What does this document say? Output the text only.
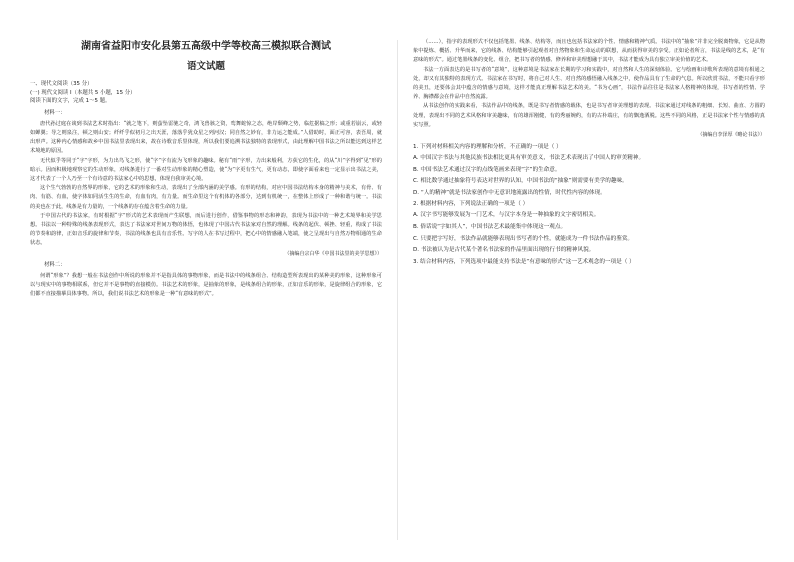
湖南省益阳市安化县第五高级中学等校高三模拟联合测试
语文试题
一、现代文阅读（35 分）
(一) 现代文阅读 I（本题共 5 小题，15 分）
阅读下面的文字，完成 1～5 题。
材料一：

唐代孙过庭在谈到书法艺术时指出：“就之笔下，则萤坠雷驰之奇，鸿飞兽骇之资，鸾舞蛇惊之态，绝岸颓峰之势，临危据槁之形；或重若崩云，或轻如蝉翼；导之则泉注，顿之则山安；纤纤乎似初月之出天涯，落落乎犹众星之列河汉；同自然之妙有，非力运之能成。”人借助时，面正可容，表吾周，就出形声。这种内心情感和故乡中国书法里表现出来，故在诗歌音乐里体现，所以我们要追溯书法独特的表现形式，由此理解中国书法之所以能达到这样艺术境地的原因。

无代似乎等同于“字”字形，为力出鸟飞之形，使“字”字有流为飞形象的趣味。秘有“雨”字形，力出来般利，方获它的生化，的从“川”字得到“见”形的暗示。因而积极地观察它的生动形象，对线条进行了一番对生动形象的精心塑造，使“为”字更有生气，更有动态，即使字面看来也一定显示出书法之美，这才代表了一个人乃至一个有诗意的书法家心中的思想，体现自我审美心境。

这个生气勃勃的自然界的形象，它的艺术的形象和生动，表现出了全部内涵的美学感。有形的结构，对应中国书法结构本身的精神与美术，有骨、有肉、有筋、有血，使字体如同活生生的生命，有血有肉，有力量。而生命里这个有机体的各部分，达到有机统一，在整体上形成了一种和谐与统一。书法的美也在于此，线条是有力量的，一个线条的存在蕴含着生命的力量。

于中国古代的书法家，有时根据“字”形式的艺术表现而产生联想，而后进行创作，借鉴事物的形态和神韵，表现为书法中的一种艺术境界和美学思想。书法以一种特殊的线条表现形式，表达了书法家对世间万物的体悟，也体现了中国古代书法家对自然的理解。线条的起伏、顿挫、轻重，构成了书法的节奏和韵律，正如音乐的旋律和节奏，书法的线条也具有音乐性。写字的人在书写过程中，把心中的情感融入笔端，使之呈现出与自然万物相通的生命状态。

（摘编自宗白华《中国书法里的美学思想》）
材料二：

何谓“形象”？我想一般在书法创作中所说的形象并不是指具体的事物形象，而是书法中的线条组合、结构造型所表现出的某种美的形象，这种形象可以与现实中的事物相联系，但它并不是事物的直接模仿。书法艺术的形象，是抽象的形象，是线条组合的形象，正如音乐的形象，是旋律组合的形象，它们都不直接描摹具体事物。所以，我们说书法艺术的形象是一种“有意味的形式”。

（……），指字的表现形式不仅包括笔墨、线条、结构等，而且也包括书法家的个性、情感和精神气质。书法中的“抽象”并非完全脱离物象，它是从物象中提炼、概括、升华而来，它的线条、结构能够引起观者对自然物象和生命运动的联想，从而获得审美的享受。正如论者所言，书法是线的艺术，是“有意味的形式”。通过笔墨线条的变化、组合，把书写者的情感、修养和审美理想融于其中，书法才能成为具有独立审美价值的艺术。

书法一方面表达的是书写者的“意境”，这种意境是书法家在长期的学习和实践中，对自然和人生的深刻体验。它与绘画和诗歌所表现的意境有相通之处，却又有其独特的表现方式。书法家在书写时，将自己对人生、对自然的感悟融入线条之中，使作品具有了生命的气息。所以欣赏书法，不能只看字形的美丑，还要体会其中蕴含的情感与意境，这样才能真正理解书法艺术的美。“书为心画”，书法作品往往是书法家人格精神的体现，书写者的性情、学养、胸襟都会在作品中自然流露。

从书法创作的实践来看，书法作品中的线条，既是书写者情感的载体，也是书写者审美理想的表现。书法家通过对线条的粗细、长短、曲直、方圆的处理，表现出不同的艺术风格和审美趣味，有的雄浑刚健，有的秀丽婉约，有的古朴端庄，有的飘逸洒脱。这些不同的风格，正是书法家个性与情感的真实写照。

（摘编自李泽厚《略论书法》）

1. 下列对材料相关内容的理解和分析，不正确的一项是（ ）

A. 中国汉字书法与其他民族书法相比更具有审美意义，书法艺术表现出了中国人的审美精神。

B. 中国书法艺术通过汉字的点线笔画来表现“字”的生命意。

C. 相比数学通过抽象符号表达对世界的认知，中国书法的“抽象”则需要有美学的趣味。

D. “人的精神”就是书法家创作中无意识地流露出的性情，时代性内容的体现。

2. 根据材料内容，下列说法正确的一项是（ ）

A. 汉字书写能够发展为一门艺术，与汉字本身是一种抽象的文字密切相关。

B. 俗话说“字如其人”，中国书法艺术最能集中体现这一观点。

C. 只要把字写好，书法作品就能够表现出书写者的个性，就能成为一件书法作品的鉴赏。

D. 书法被认为是古代某个著名书法家的作品里面出现的行书的精神风貌。

3. 结合材料内容，下列选项中最能支持书法是“有意味的形式”这一艺术观念的一项是（ ）
